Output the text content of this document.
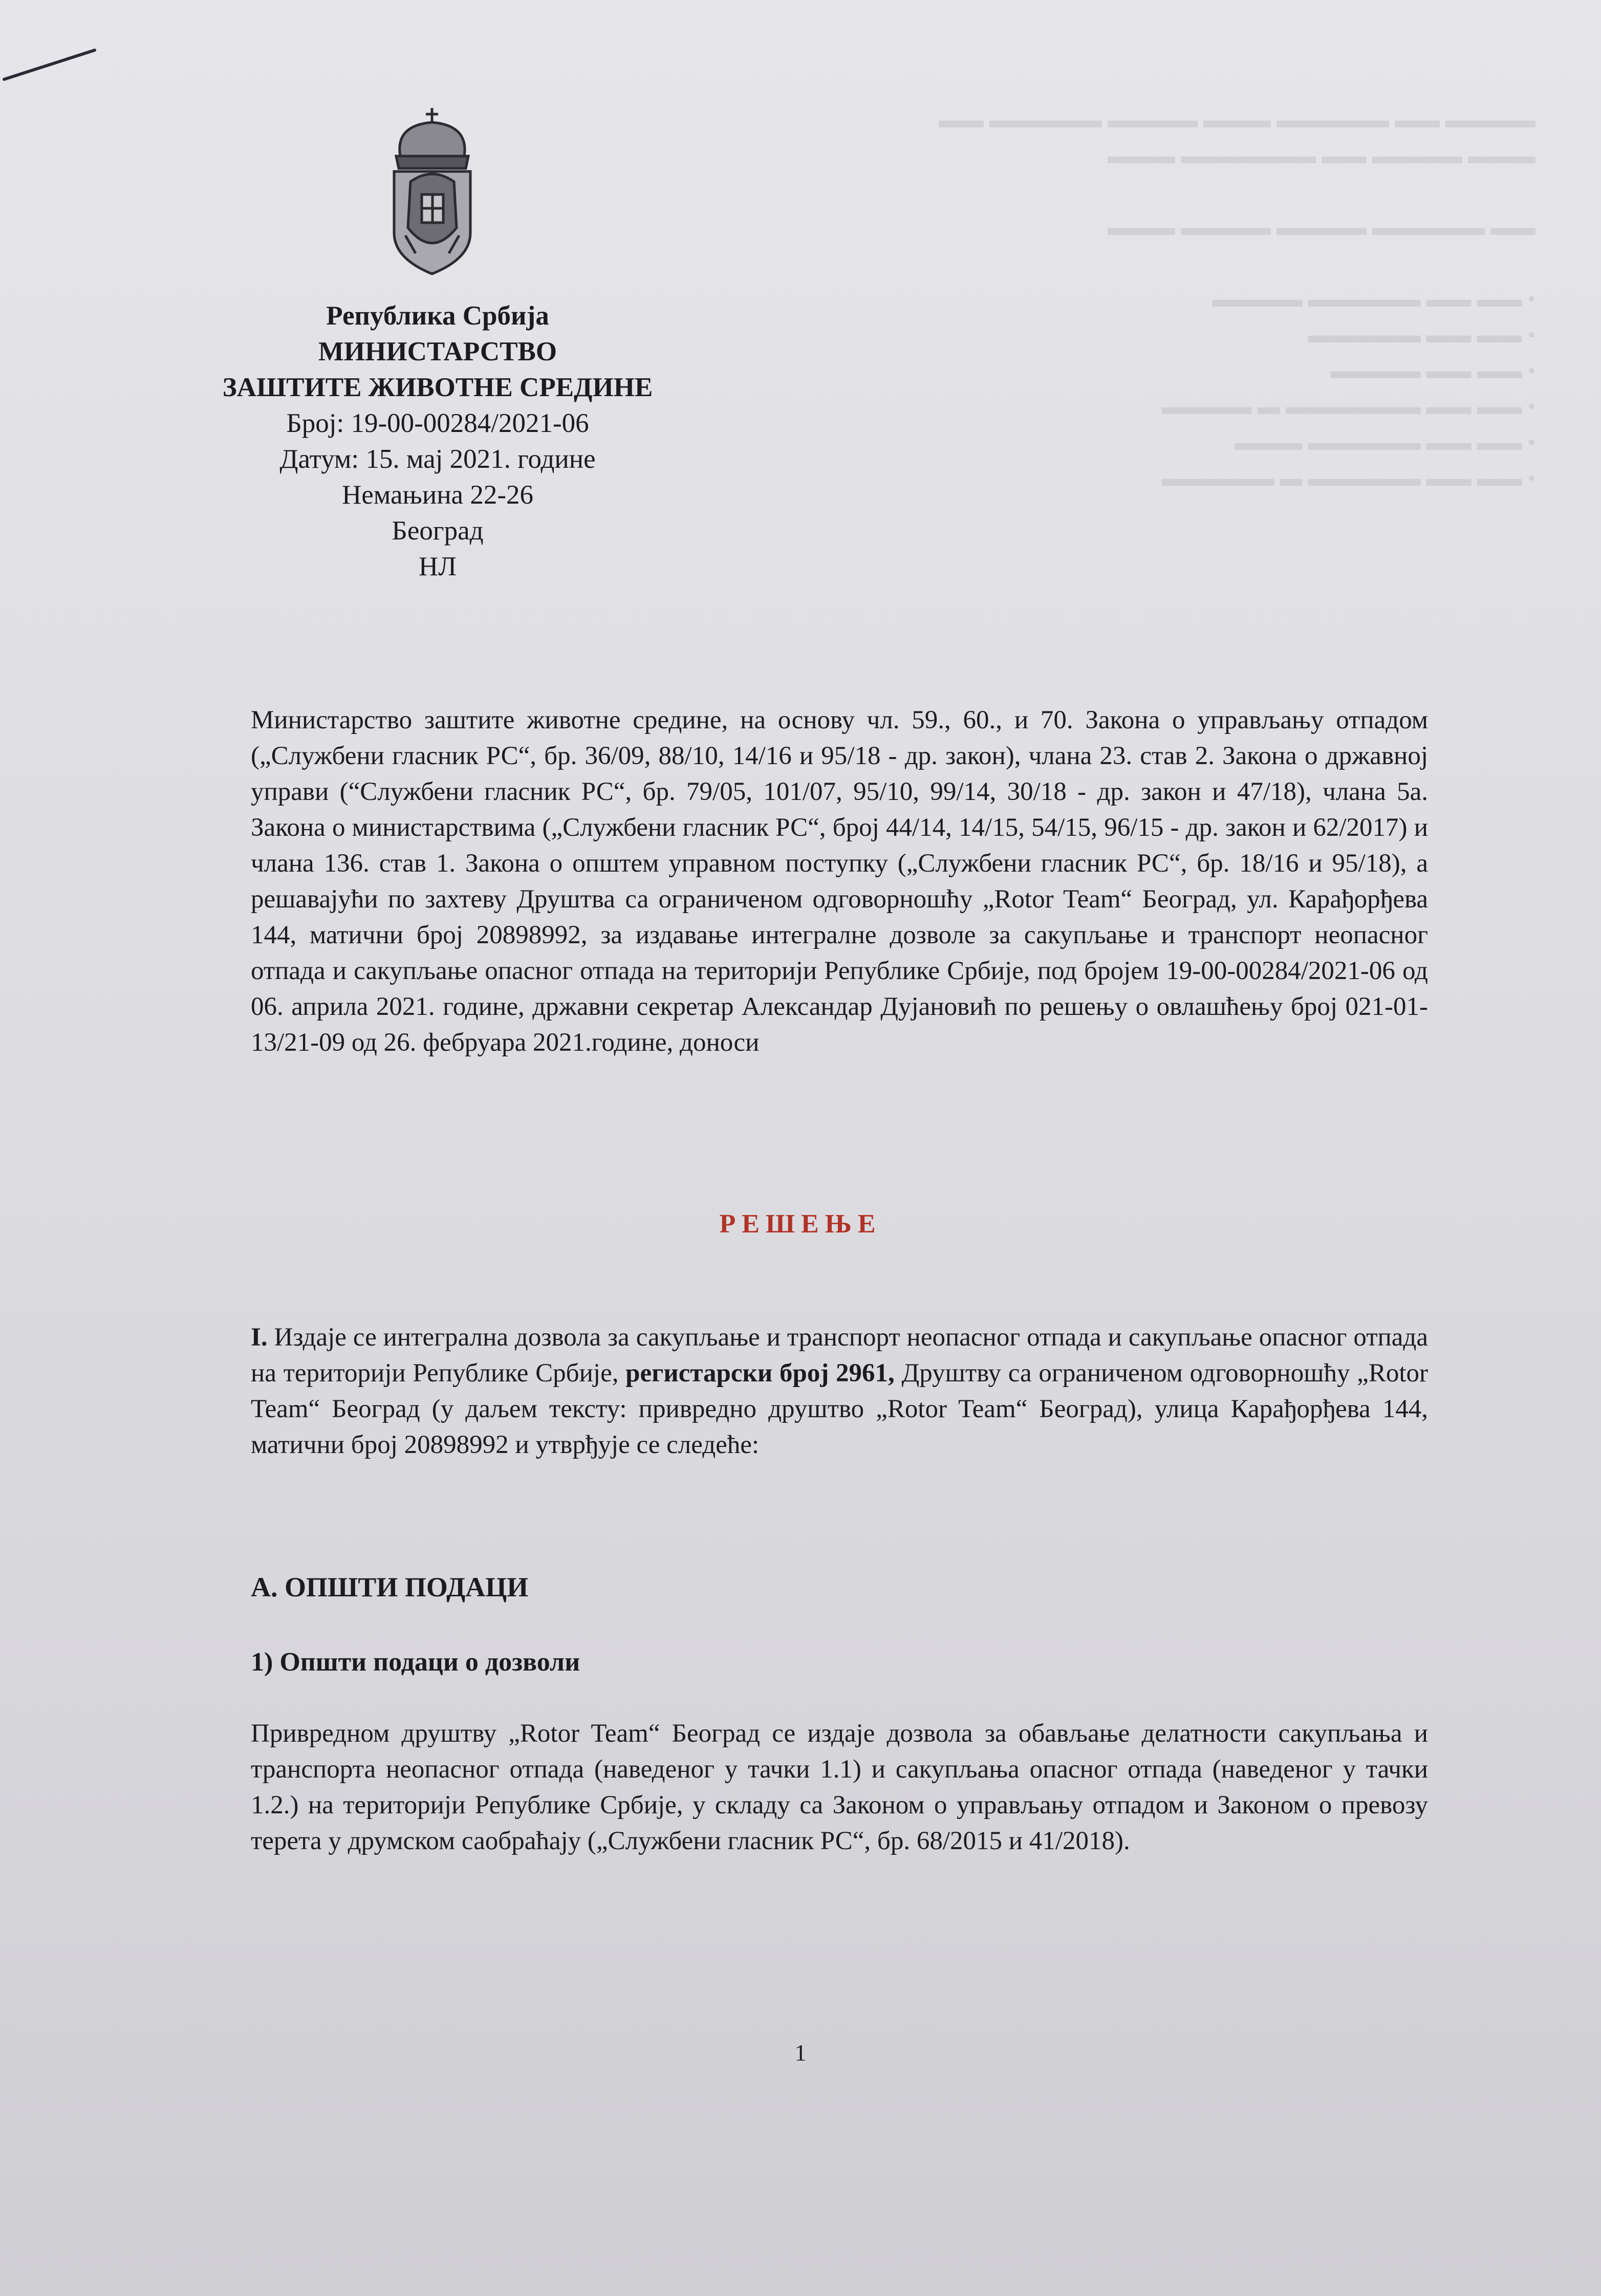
▬▬▬▬ ▬▬ ▬▬▬▬▬ ▬▬▬ ▬▬▬▬ ▬▬▬▬▬ ▬▬
▬▬▬ ▬▬▬▬ ▬▬ ▬▬▬▬▬▬ ▬▬▬

▬▬ ▬▬▬▬▬ ▬▬▬▬ ▬▬▬▬ ▬▬▬

• ▬▬ ▬▬ ▬▬▬▬▬ ▬▬▬▬
• ▬▬ ▬▬ ▬▬▬▬▬
• ▬▬ ▬▬ ▬▬▬▬
• ▬▬ ▬▬ ▬▬▬▬▬▬ ▬ ▬▬▬▬
• ▬▬ ▬▬ ▬▬▬▬▬ ▬▬▬
• ▬▬ ▬▬ ▬▬▬▬▬ ▬ ▬▬▬▬▬
Република Србија
МИНИСТАРСТВО
ЗАШТИТЕ ЖИВОТНЕ СРЕДИНЕ
Број: 19-00-00284/2021-06
Датум: 15. мај 2021. године
Немањина 22-26
Београд
НЛ

Министарство заштите животне средине, на основу чл. 59., 60., и 70. Закона о управљању отпадом („Службени гласник РС“, бр. 36/09, 88/10, 14/16 и 95/18 - др. закон), члана 23. став 2. Закона о државној управи (“Службени гласник РС“, бр. 79/05, 101/07, 95/10, 99/14, 30/18 - др. закон и 47/18), члана 5а. Закона о министарствима („Службени гласник РС“, број 44/14, 14/15, 54/15, 96/15 - др. закон и 62/2017) и члана 136. став 1. Закона о општем управном поступку („Службени гласник РС“, бр. 18/16 и 95/18), а решавајући по захтеву Друштва са ограниченом одговорношћу „Rotor Team“ Београд, ул. Карађорђева 144, матични број 20898992, за издавање интегралне дозволе за сакупљање и транспорт неопасног отпада и сакупљање опасног отпада на територији Републике Србије, под бројем 19-00-00284/2021-06 од 06. априла 2021. године, државни секретар Александар Дујановић по решењу о овлашћењу број 021-01-13/21-09 од 26. фебруара 2021.године, доноси

РЕШЕЊЕ

I. Издаје се интегрална дозвола за сакупљање и транспорт неопасног отпада и сакупљање опасног отпада на територији Републике Србије, регистарски број 2961, Друштву са ограниченом одговорношћу „Rotor Team“ Београд (у даљем тексту: привредно друштво „Rotor Team“ Београд), улица Карађорђева 144, матични број 20898992 и утврђује се следеће:

А. ОПШТИ ПОДАЦИ
1) Општи подаци о дозволи

Привредном друштву „Rotor Team“ Београд се издаје дозвола за обављање делатности сакупљања и транспорта неопасног отпада (наведеног у тачки 1.1) и сакупљања опасног отпада (наведеног у тачки 1.2.) на територији Републике Србије, у складу са Законом о управљању отпадом и Законом о превозу терета у друмском саобраћају („Службени гласник РС“, бр. 68/2015 и 41/2018).

1
